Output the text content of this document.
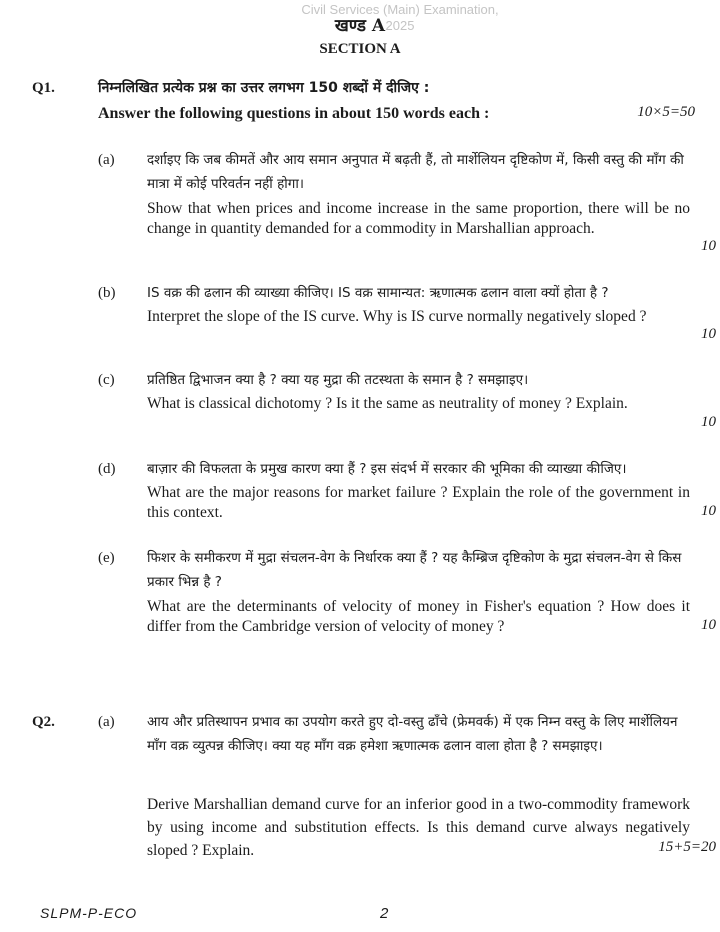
Civil Services (Main) Examination, 2025
खण्ड A
SECTION A
Q1.	निम्नलिखित प्रत्येक प्रश्न का उत्तर लगभग 150 शब्दों में दीजिए :
Answer the following questions in about 150 words each :	10×5=50
(a) दर्शाइए कि जब कीमतें और आय समान अनुपात में बढ़ती हैं, तो मार्शेलियन दृष्टिकोण में, किसी वस्तु की माँग की मात्रा में कोई परिवर्तन नहीं होगा।
Show that when prices and income increase in the same proportion, there will be no change in quantity demanded for a commodity in Marshallian approach.
10
(b) IS वक्र की ढलान की व्याख्या कीजिए। IS वक्र सामान्यत: ऋणात्मक ढलान वाला क्यों होता है ?
Interpret the slope of the IS curve. Why is IS curve normally negatively sloped ?
10
(c) प्रतिष्ठित द्विभाजन क्या है ? क्या यह मुद्रा की तटस्थता के समान है ? समझाइए।
What is classical dichotomy ? Is it the same as neutrality of money ? Explain.
10
(d) बाज़ार की विफलता के प्रमुख कारण क्या हैं ? इस संदर्भ में सरकार की भूमिका की व्याख्या कीजिए।
What are the major reasons for market failure ? Explain the role of the government in this context.	10
(e) फिशर के समीकरण में मुद्रा संचलन-वेग के निर्धारक क्या हैं ? यह कैम्ब्रिज दृष्टिकोण के मुद्रा संचलन-वेग से किस प्रकार भिन्न है ?
What are the determinants of velocity of money in Fisher's equation ? How does it differ from the Cambridge version of velocity of money ?	10
Q2.	(a) आय और प्रतिस्थापन प्रभाव का उपयोग करते हुए दो-वस्तु ढाँचे (फ्रेमवर्क) में एक निम्न वस्तु के लिए मार्शेलियन माँग वक्र व्युत्पन्न कीजिए। क्या यह माँग वक्र हमेशा ऋणात्मक ढलान वाला होता है ? समझाइए।
Derive Marshallian demand curve for an inferior good in a two-commodity framework by using income and substitution effects. Is this demand curve always negatively sloped ? Explain.	15+5=20
SLPM-P-ECO	2
